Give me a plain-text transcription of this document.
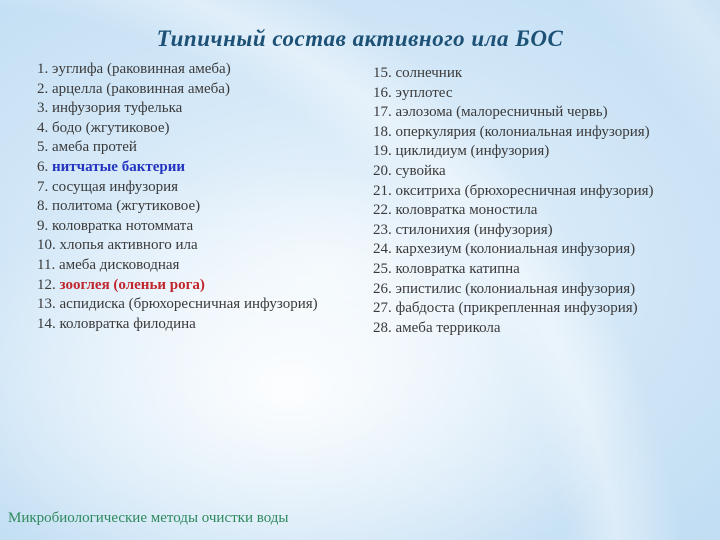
Типичный состав активного ила БОС
1. эуглифа (раковинная амеба)
2. арцелла (раковинная амеба)
3. инфузория туфелька
4. бодо (жгутиковое)
5. амеба протей
6. нитчатые бактерии
7. сосущая инфузория
8. политома (жгутиковое)
9. коловратка нотоммата
10. хлопья активного ила
11. амеба дисководная
12. зооглея (оленьи рога)
13. аспидиска (брюхоресничная инфузория)
14. коловратка филодина
15. солнечник
16. эуплотес
17. аэлозома (малоресничный червь)
18. оперкулярия (колониальная инфузория)
19. циклидиум (инфузория)
20. сувойка
21. окситриха (брюхоресничная инфузория)
22. коловратка моностила
23. стилонихия (инфузория)
24. кархезиум (колониальная инфузория)
25. коловратка катипна
26. эпистилис (колониальная инфузория)
27. фабдоста (прикрепленная инфузория)
28. амеба террикола
Микробиологические методы очистки воды
